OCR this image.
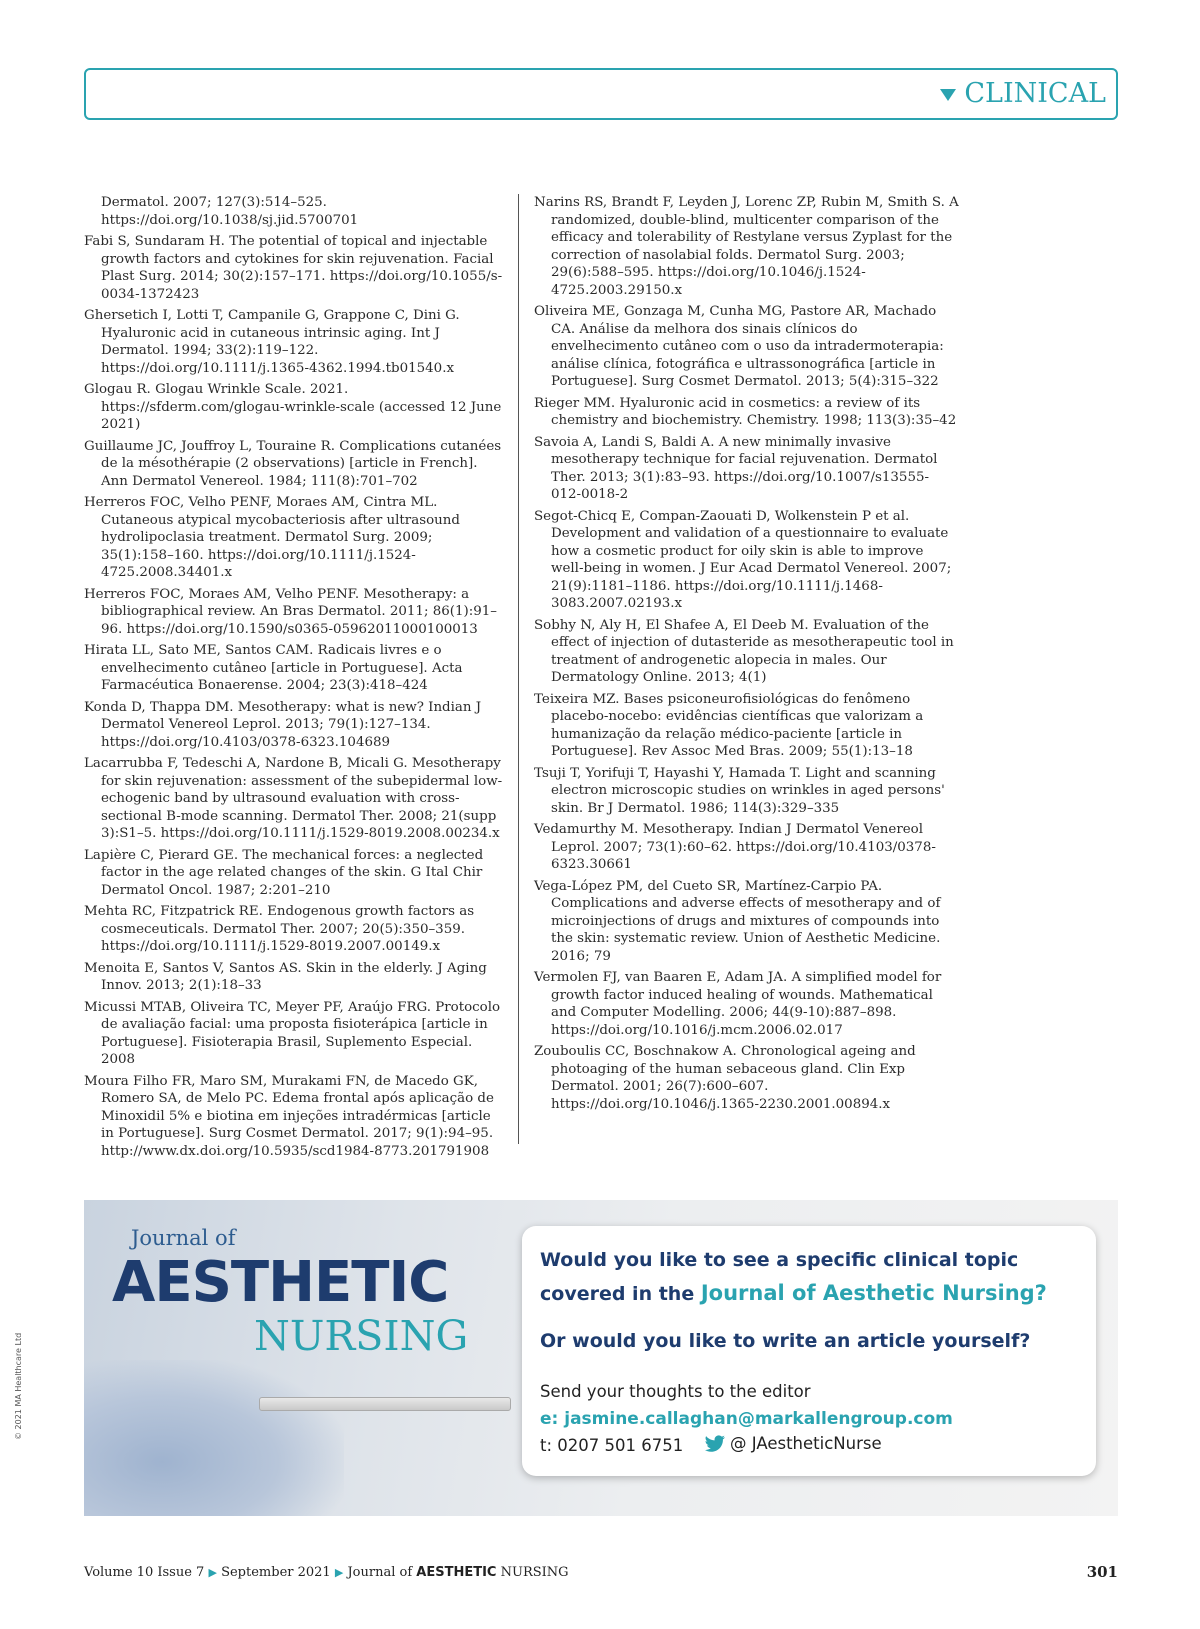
CLINICAL
Dermatol. 2007; 127(3):514–525. https://doi.org/10.1038/sj.jid.5700701
Fabi S, Sundaram H. The potential of topical and injectable growth factors and cytokines for skin rejuvenation. Facial Plast Surg. 2014; 30(2):157–171. https://doi.org/10.1055/s-0034-1372423
Ghersetich I, Lotti T, Campanile G, Grappone C, Dini G. Hyaluronic acid in cutaneous intrinsic aging. Int J Dermatol. 1994; 33(2):119–122. https://doi.org/10.1111/j.1365-4362.1994.tb01540.x
Glogau R. Glogau Wrinkle Scale. 2021. https://sfderm.com/glogau-wrinkle-scale (accessed 12 June 2021)
Guillaume JC, Jouffroy L, Touraine R. Complications cutanées de la mésothérapie (2 observations) [article in French]. Ann Dermatol Venereol. 1984; 111(8):701–702
Herreros FOC, Velho PENF, Moraes AM, Cintra ML. Cutaneous atypical mycobacteriosis after ultrasound hydrolipoclasia treatment. Dermatol Surg. 2009; 35(1):158–160. https://doi.org/10.1111/j.1524-4725.2008.34401.x
Herreros FOC, Moraes AM, Velho PENF. Mesotherapy: a bibliographical review. An Bras Dermatol. 2011; 86(1):91–96. https://doi.org/10.1590/s0365-05962011000100013
Hirata LL, Sato ME, Santos CAM. Radicais livres e o envelhecimento cutâneo [article in Portuguese]. Acta Farmacéutica Bonaerense. 2004; 23(3):418–424
Konda D, Thappa DM. Mesotherapy: what is new? Indian J Dermatol Venereol Leprol. 2013; 79(1):127–134. https://doi.org/10.4103/0378-6323.104689
Lacarrubba F, Tedeschi A, Nardone B, Micali G. Mesotherapy for skin rejuvenation: assessment of the subepidermal low-echogenic band by ultrasound evaluation with cross-sectional B-mode scanning. Dermatol Ther. 2008; 21(supp 3):S1–5. https://doi.org/10.1111/j.1529-8019.2008.00234.x
Lapière C, Pierard GE. The mechanical forces: a neglected factor in the age related changes of the skin. G Ital Chir Dermatol Oncol. 1987; 2:201–210
Mehta RC, Fitzpatrick RE. Endogenous growth factors as cosmeceuticals. Dermatol Ther. 2007; 20(5):350–359. https://doi.org/10.1111/j.1529-8019.2007.00149.x
Menoita E, Santos V, Santos AS. Skin in the elderly. J Aging Innov. 2013; 2(1):18–33
Micussi MTAB, Oliveira TC, Meyer PF, Araújo FRG. Protocolo de avaliação facial: uma proposta fisioterápica [article in Portuguese]. Fisioterapia Brasil, Suplemento Especial. 2008
Moura Filho FR, Maro SM, Murakami FN, de Macedo GK, Romero SA, de Melo PC. Edema frontal após aplicação de Minoxidil 5% e biotina em injeções intradérmicas [article in Portuguese]. Surg Cosmet Dermatol. 2017; 9(1):94–95. http://www.dx.doi.org/10.5935/scd1984-8773.201791908
Narins RS, Brandt F, Leyden J, Lorenc ZP, Rubin M, Smith S. A randomized, double-blind, multicenter comparison of the efficacy and tolerability of Restylane versus Zyplast for the correction of nasolabial folds. Dermatol Surg. 2003; 29(6):588–595. https://doi.org/10.1046/j.1524-4725.2003.29150.x
Oliveira ME, Gonzaga M, Cunha MG, Pastore AR, Machado CA. Análise da melhora dos sinais clínicos do envelhecimento cutâneo com o uso da intradermoterapia: análise clínica, fotográfica e ultrassonográfica [article in Portuguese]. Surg Cosmet Dermatol. 2013; 5(4):315–322
Rieger MM. Hyaluronic acid in cosmetics: a review of its chemistry and biochemistry. Chemistry. 1998; 113(3):35–42
Savoia A, Landi S, Baldi A. A new minimally invasive mesotherapy technique for facial rejuvenation. Dermatol Ther. 2013; 3(1):83–93. https://doi.org/10.1007/s13555-012-0018-2
Segot-Chicq E, Compan-Zaouati D, Wolkenstein P et al. Development and validation of a questionnaire to evaluate how a cosmetic product for oily skin is able to improve well-being in women. J Eur Acad Dermatol Venereol. 2007; 21(9):1181–1186. https://doi.org/10.1111/j.1468-3083.2007.02193.x
Sobhy N, Aly H, El Shafee A, El Deeb M. Evaluation of the effect of injection of dutasteride as mesotherapeutic tool in treatment of androgenetic alopecia in males. Our Dermatology Online. 2013; 4(1)
Teixeira MZ. Bases psiconeurofisiológicas do fenômeno placebo-nocebo: evidências científicas que valorizam a humanização da relação médico-paciente [article in Portuguese]. Rev Assoc Med Bras. 2009; 55(1):13–18
Tsuji T, Yorifuji T, Hayashi Y, Hamada T. Light and scanning electron microscopic studies on wrinkles in aged persons' skin. Br J Dermatol. 1986; 114(3):329–335
Vedamurthy M. Mesotherapy. Indian J Dermatol Venereol Leprol. 2007; 73(1):60–62. https://doi.org/10.4103/0378-6323.30661
Vega-López PM, del Cueto SR, Martínez-Carpio PA. Complications and adverse effects of mesotherapy and of microinjections of drugs and mixtures of compounds into the skin: systematic review. Union of Aesthetic Medicine. 2016; 79
Vermolen FJ, van Baaren E, Adam JA. A simplified model for growth factor induced healing of wounds. Mathematical and Computer Modelling. 2006; 44(9-10):887–898. https://doi.org/10.1016/j.mcm.2006.02.017
Zouboulis CC, Boschnakow A. Chronological ageing and photoaging of the human sebaceous gland. Clin Exp Dermatol. 2001; 26(7):600–607. https://doi.org/10.1046/j.1365-2230.2001.00894.x
Journal of
AESTHETIC
NURSING
Would you like to see a specific clinical topic
covered in the Journal of Aesthetic Nursing?
Or would you like to write an article yourself?
Send your thoughts to the editor
e: jasmine.callaghan@markallengroup.com
t: 0207 501 6751	@ JAestheticNurse
© 2021 MA Healthcare Ltd
Volume 10 Issue 7 ▶ September 2021 ▶ Journal of AESTHETIC NURSING	301
